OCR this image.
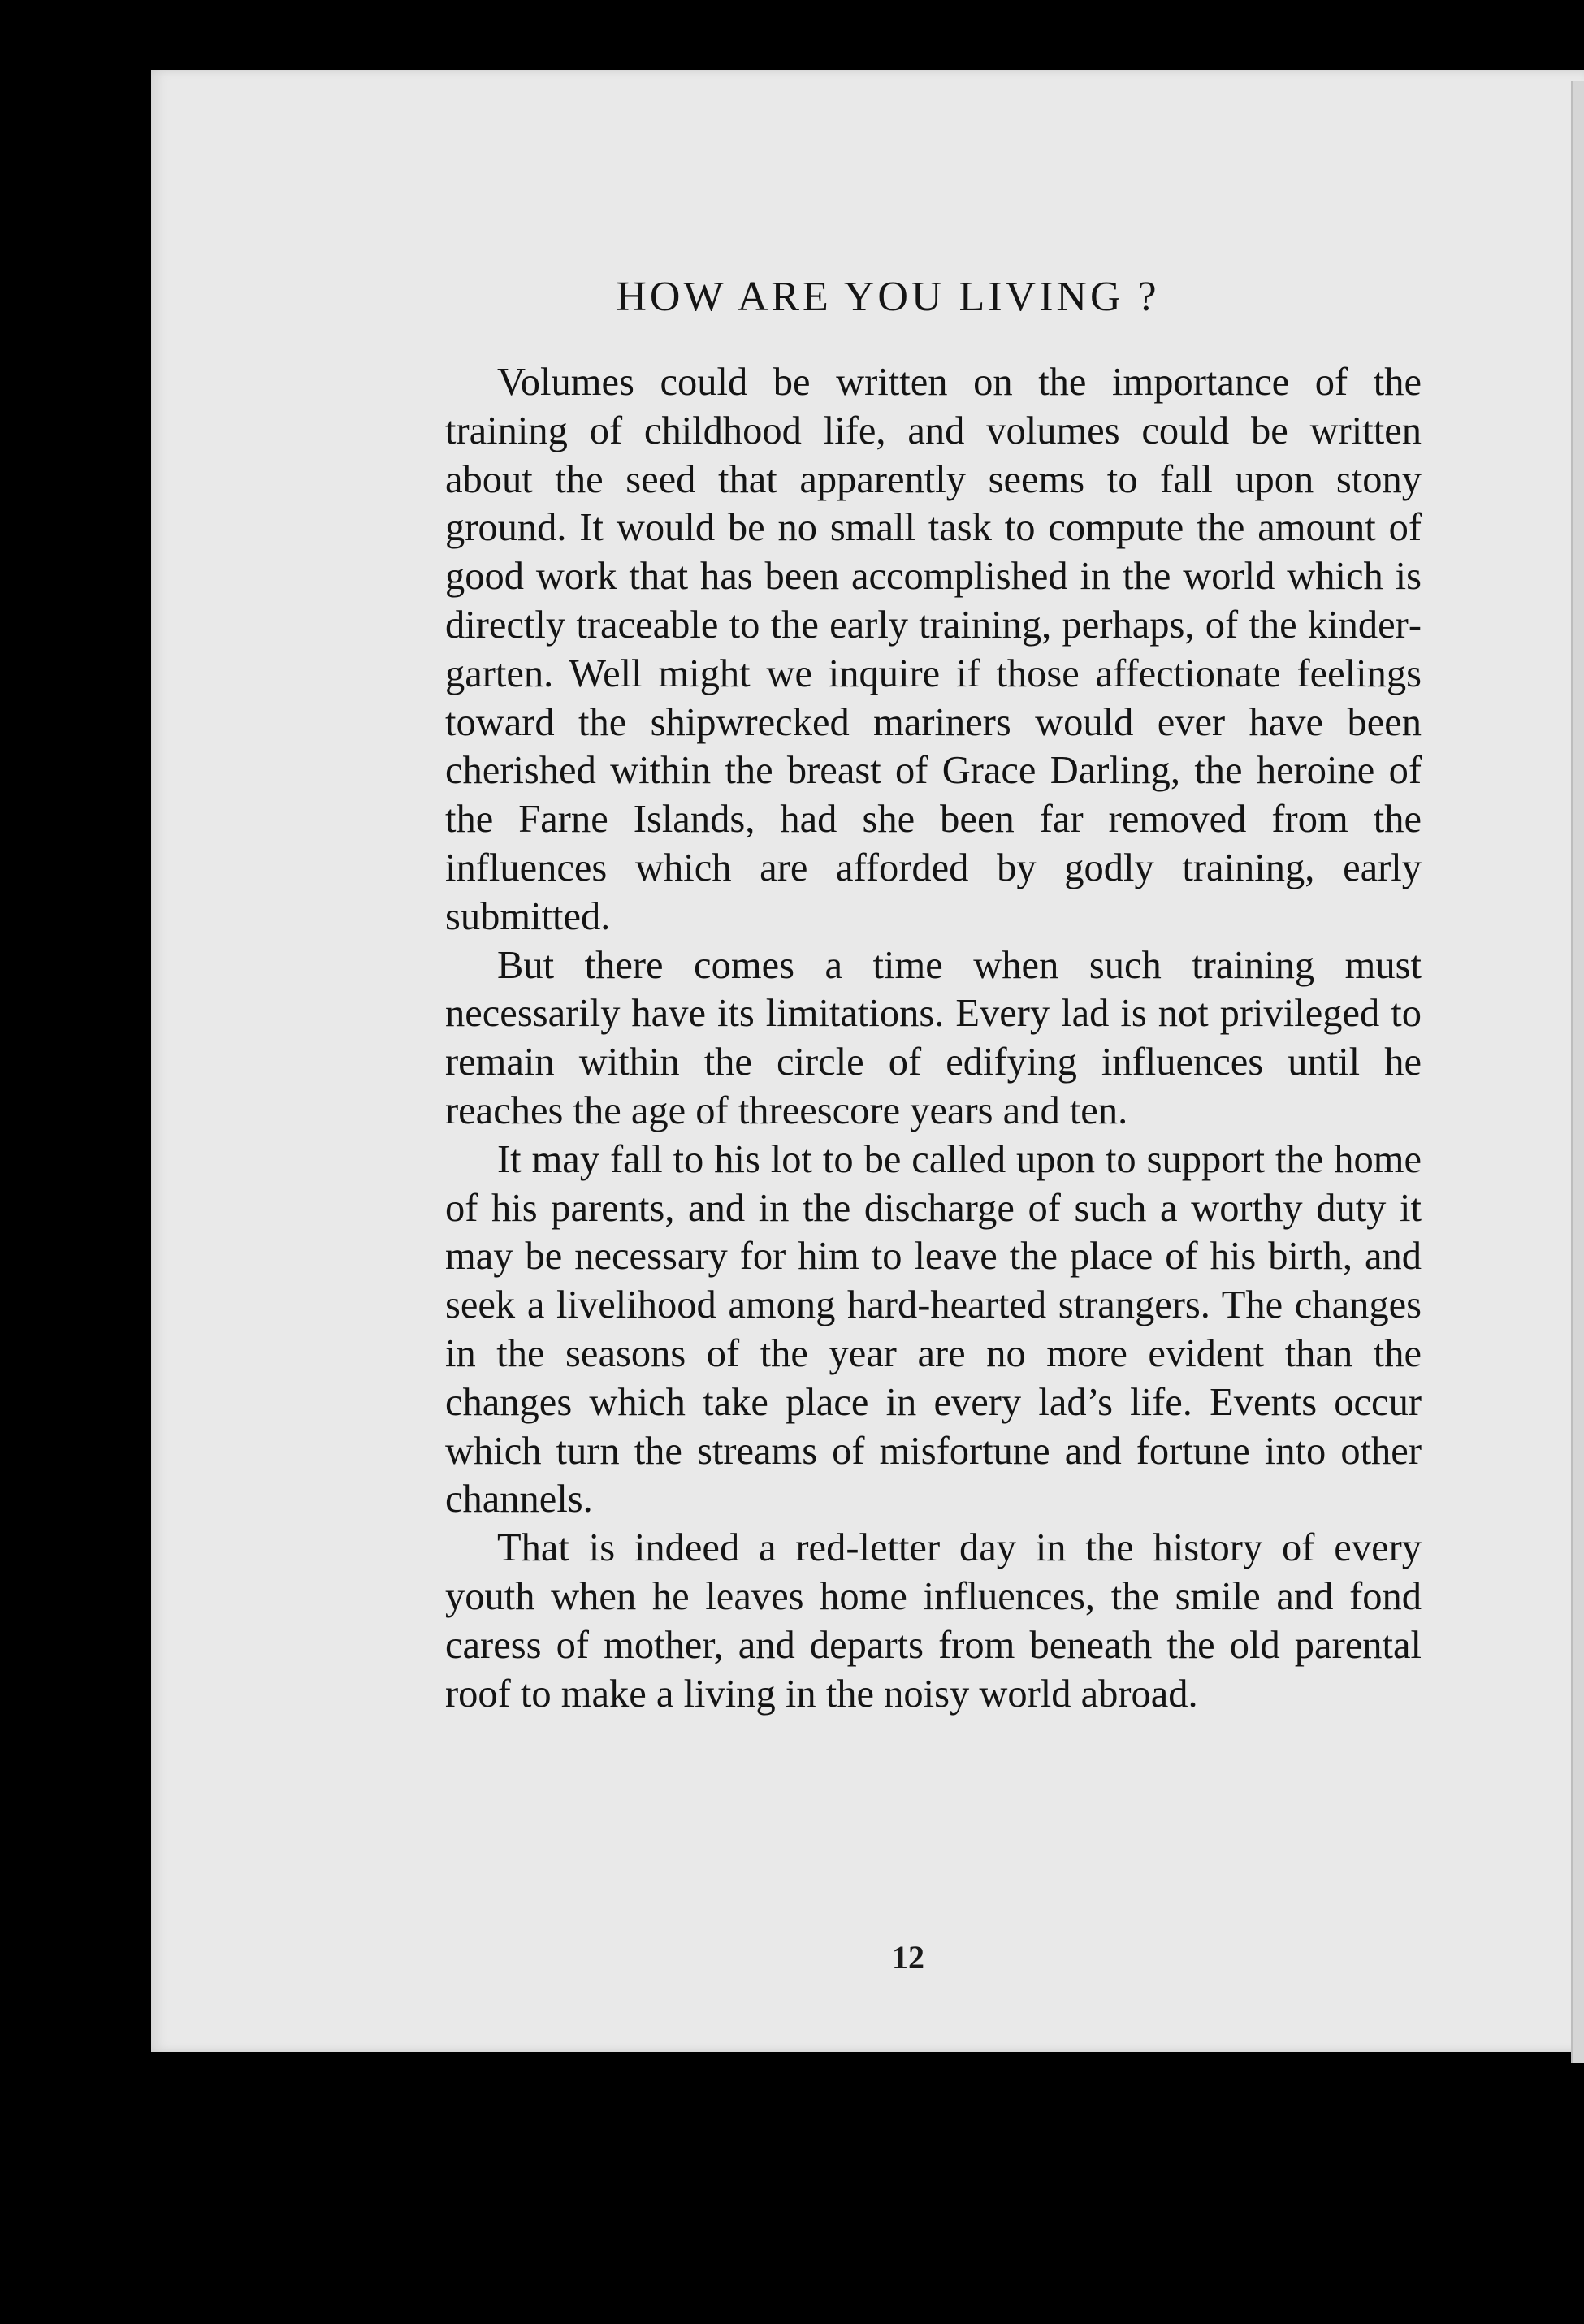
HOW ARE YOU LIVING ?

Volumes could be written on the importance of the training of childhood life, and volumes could be written about the seed that apparently seems to fall upon stony ground. It would be no small task to compute the amount of good work that has been accomplished in the world which is directly traceable to the early training, perhaps, of the kindergarten. Well might we inquire if those affectionate feelings toward the shipwrecked mariners would ever have been cherished within the breast of Grace Darling, the heroine of the Farne Islands, had she been far removed from the influences which are afforded by godly training, early submitted.

But there comes a time when such training must necessarily have its limitations. Every lad is not privileged to remain within the circle of edifying influences until he reaches the age of threescore years and ten.

It may fall to his lot to be called upon to support the home of his parents, and in the discharge of such a worthy duty it may be necessary for him to leave the place of his birth, and seek a livelihood among hard-hearted strangers. The changes in the seasons of the year are no more evident than the changes which take place in every lad’s life. Events occur which turn the streams of misfortune and fortune into other channels.

That is indeed a red-letter day in the history of every youth when he leaves home influences, the smile and fond caress of mother, and departs from beneath the old parental roof to make a living in the noisy world abroad.

12
